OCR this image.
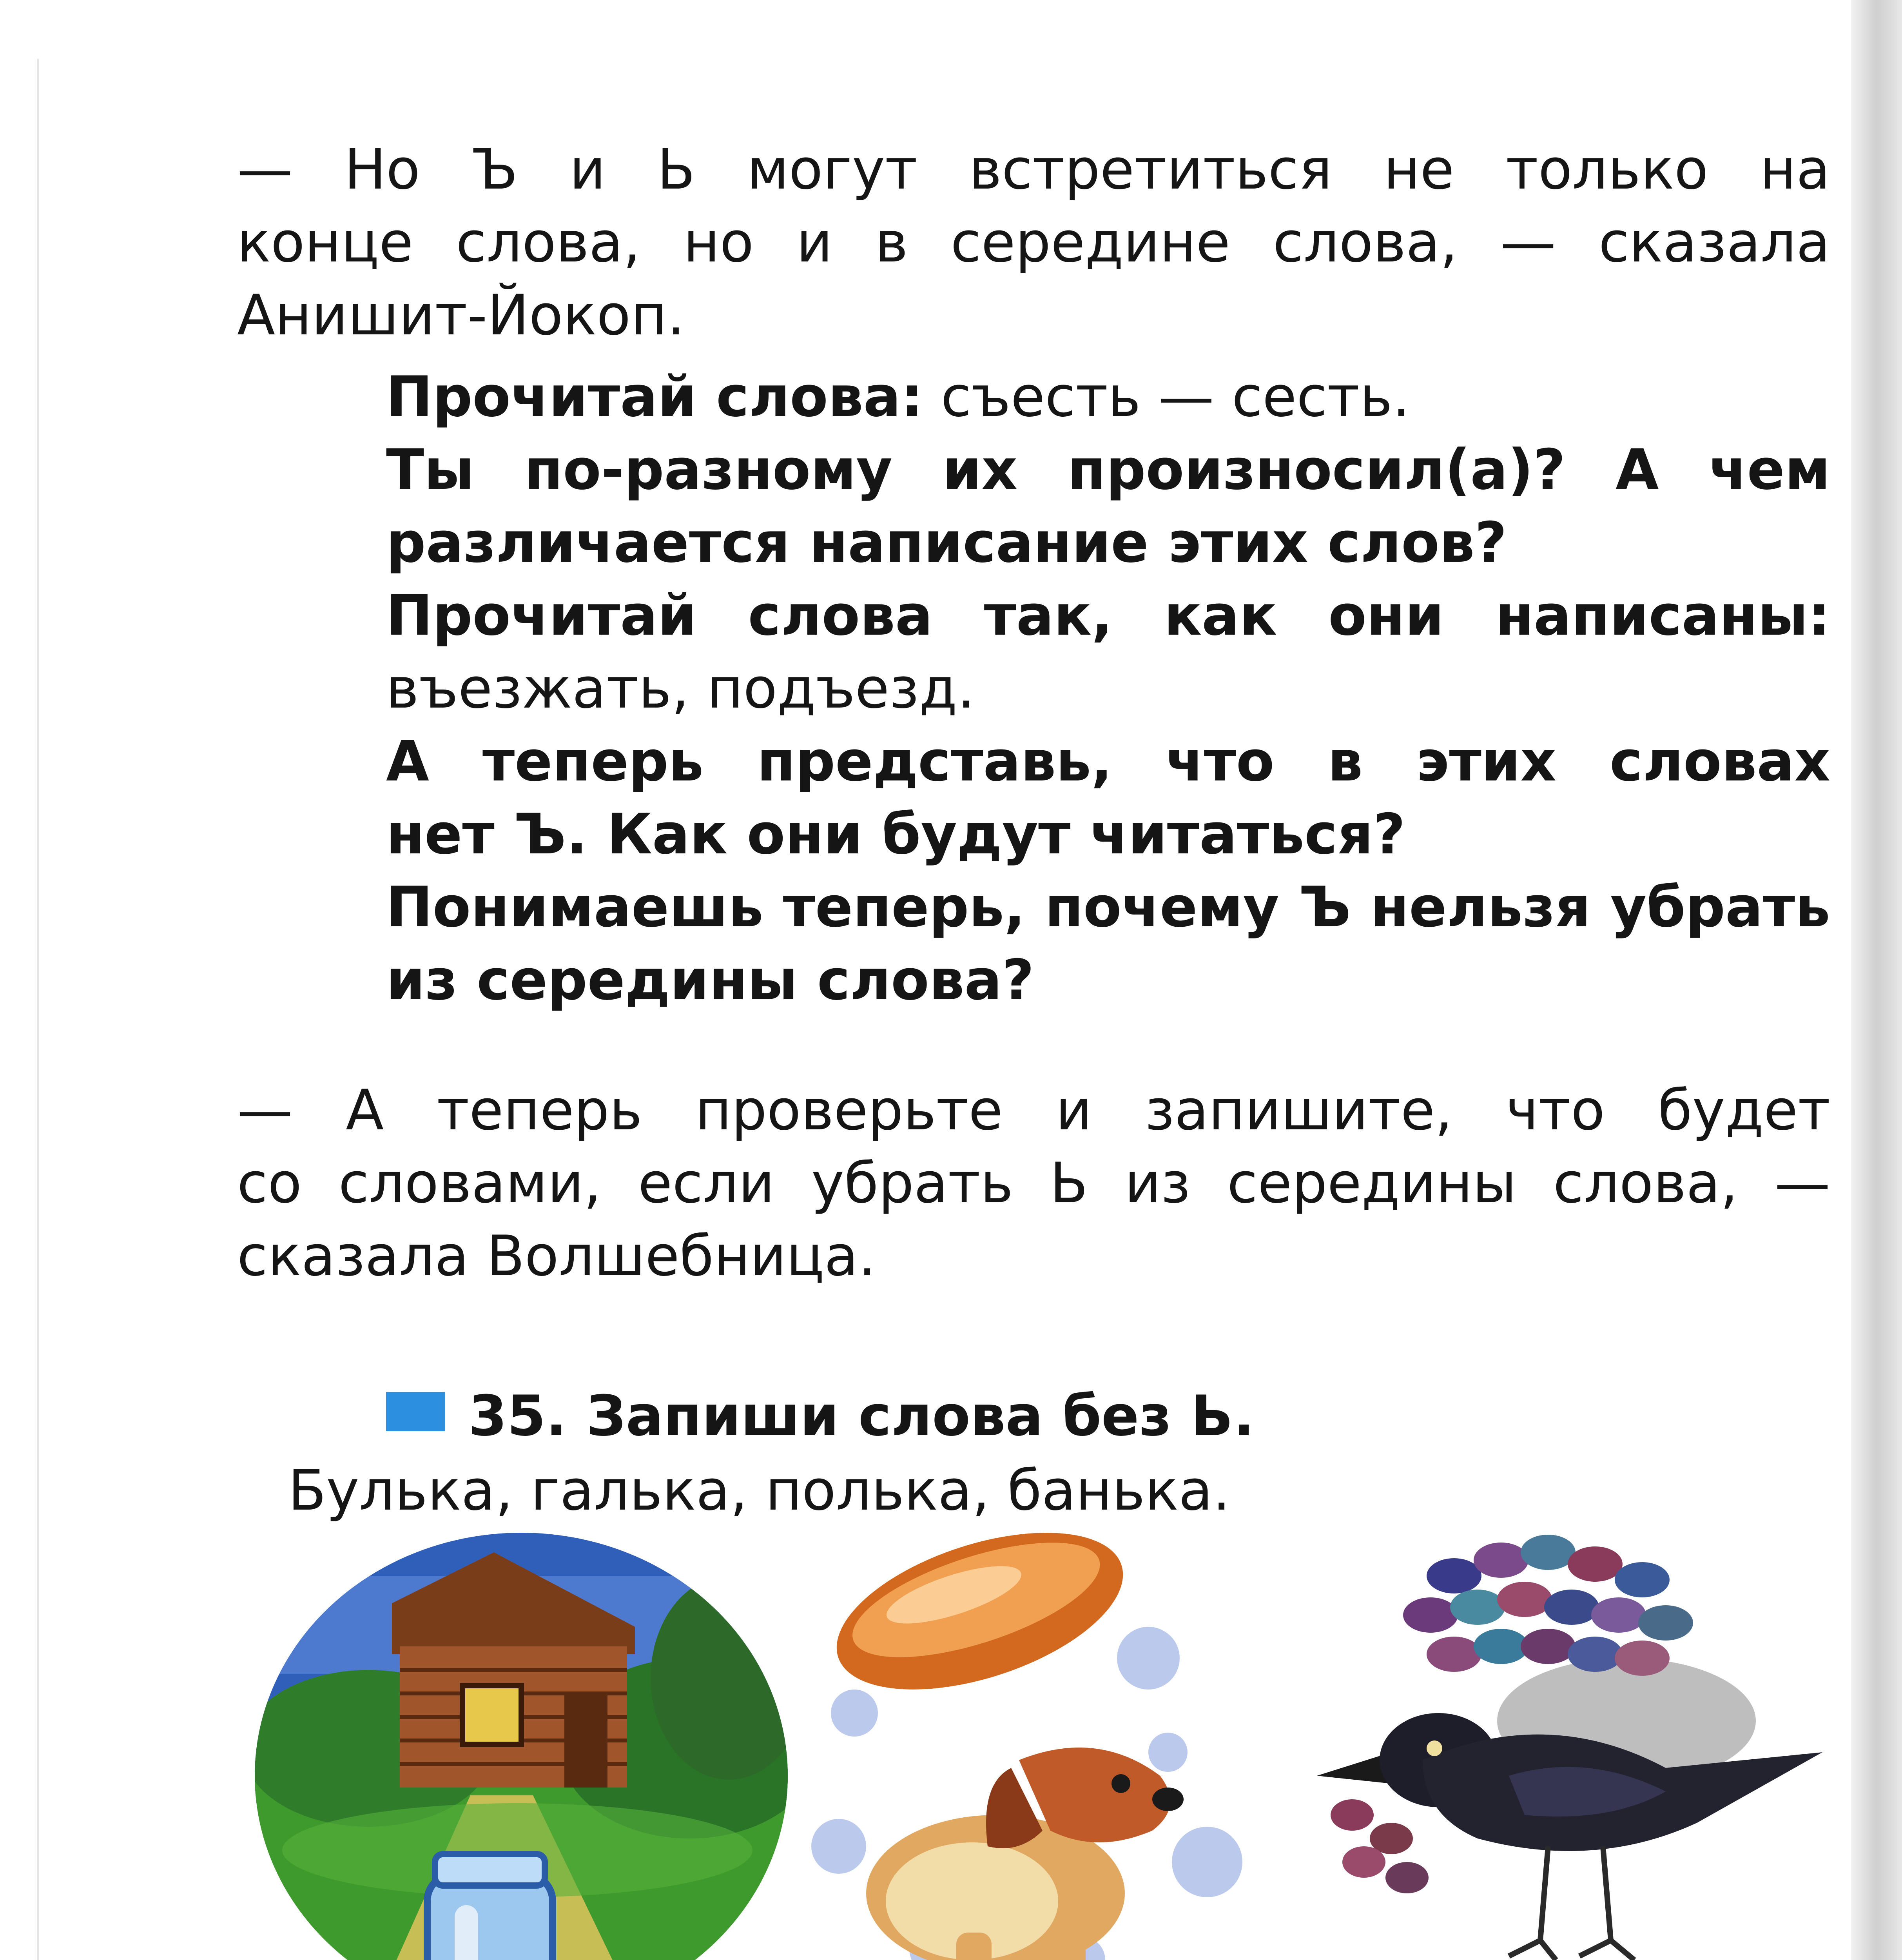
— Но Ъ и Ь могут встретиться не только на

конце слова, но и в середине слова, — сказала

Анишит-Йокоп.

Прочитай слова: съесть — сесть.

Ты по-разному их произносил(а)? А чем

различается написание этих слов?

Прочитай слова так, как они написаны:

въезжать, подъезд.

А теперь представь, что в этих словах

нет Ъ. Как они будут читаться?

Понимаешь теперь, почему Ъ нельзя убрать

из середины слова?

— А теперь проверьте и запишите, что будет

со словами, если убрать Ь из середины слова, —

сказала Волшебница.

35. Запиши слова без Ь.
Булька, галька, полька, банька.
